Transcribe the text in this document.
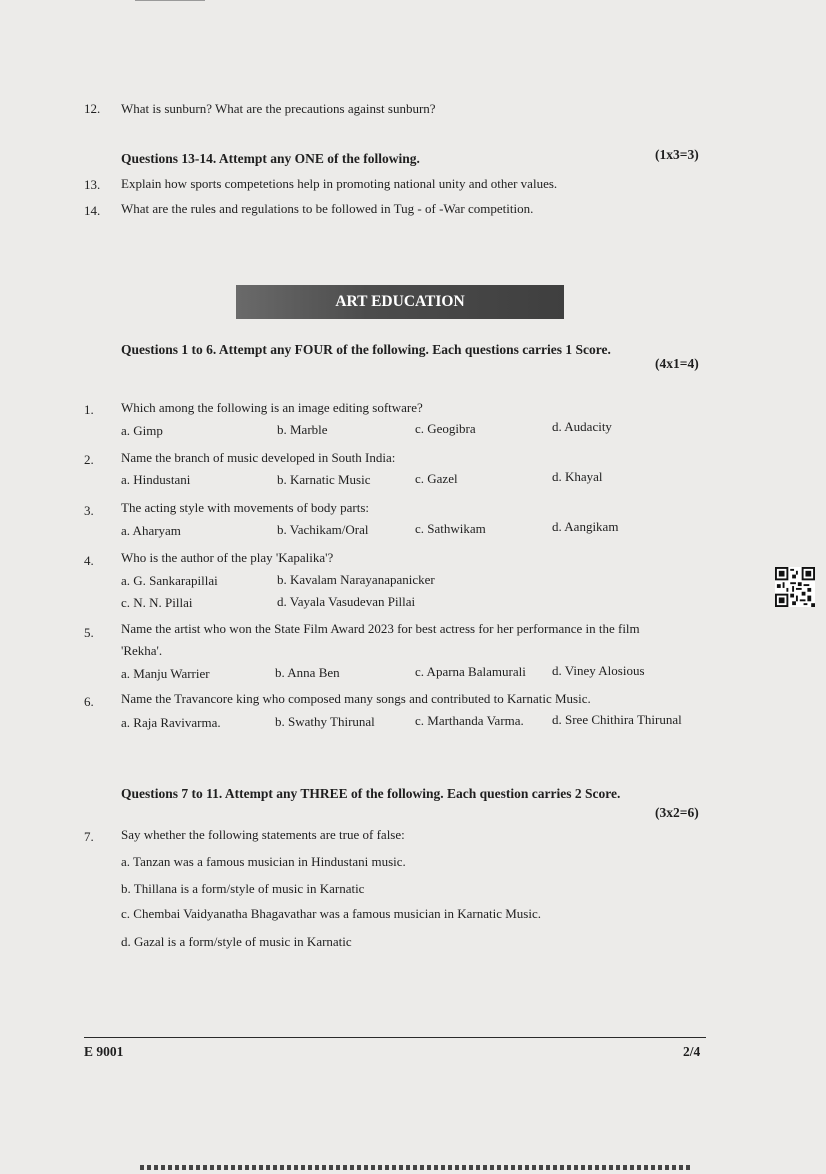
12. What is sunburn? What are the precautions against sunburn?
Questions 13-14. Attempt any ONE of the following.	(1x3=3)
13. Explain how sports competetions help in promoting national unity and other values.
14. What are the rules and regulations to be followed in Tug - of -War competition.
ART EDUCATION
Questions 1 to 6. Attempt any FOUR of the following. Each questions carries 1 Score.
(4x1=4)
1. Which among the following is an image editing software?
a. Gimp	b. Marble	c. Geogibra	d. Audacity
2. Name the branch of music developed in South India:
a. Hindustani	b. Karnatic Music	c. Gazel	d. Khayal
3. The acting style with movements of body parts:
a. Aharyam	b. Vachikam/Oral	c. Sathwikam	d. Aangikam
4. Who is the author of the play 'Kapalika'?
a. G. Sankarapillai	b. Kavalam Narayanapanicker
c. N. N. Pillai	d. Vayala Vasudevan Pillai
5. Name the artist who won the State Film Award 2023 for best actress for her performance in the film
'Rekha'.
a. Manju Warrier	b. Anna Ben	c. Aparna Balamurali d. Viney Alosious
6. Name the Travancore king who composed many songs and contributed to Karnatic Music.
a. Raja Ravivarma.	b. Swathy Thirunal	c. Marthanda Varma. d. Sree Chithira Thirunal
Questions 7 to 11. Attempt any THREE of the following. Each question carries 2 Score.
(3x2=6)
7. Say whether the following statements are true of false:
a. Tanzan was a famous musician in Hindustani music.
b. Thillana is a form/style of music in Karnatic
c. Chembai Vaidyanatha Bhagavathar was a famous musician in Karnatic Music.
d. Gazal is a form/style of music in Karnatic
E 9001	2/4
